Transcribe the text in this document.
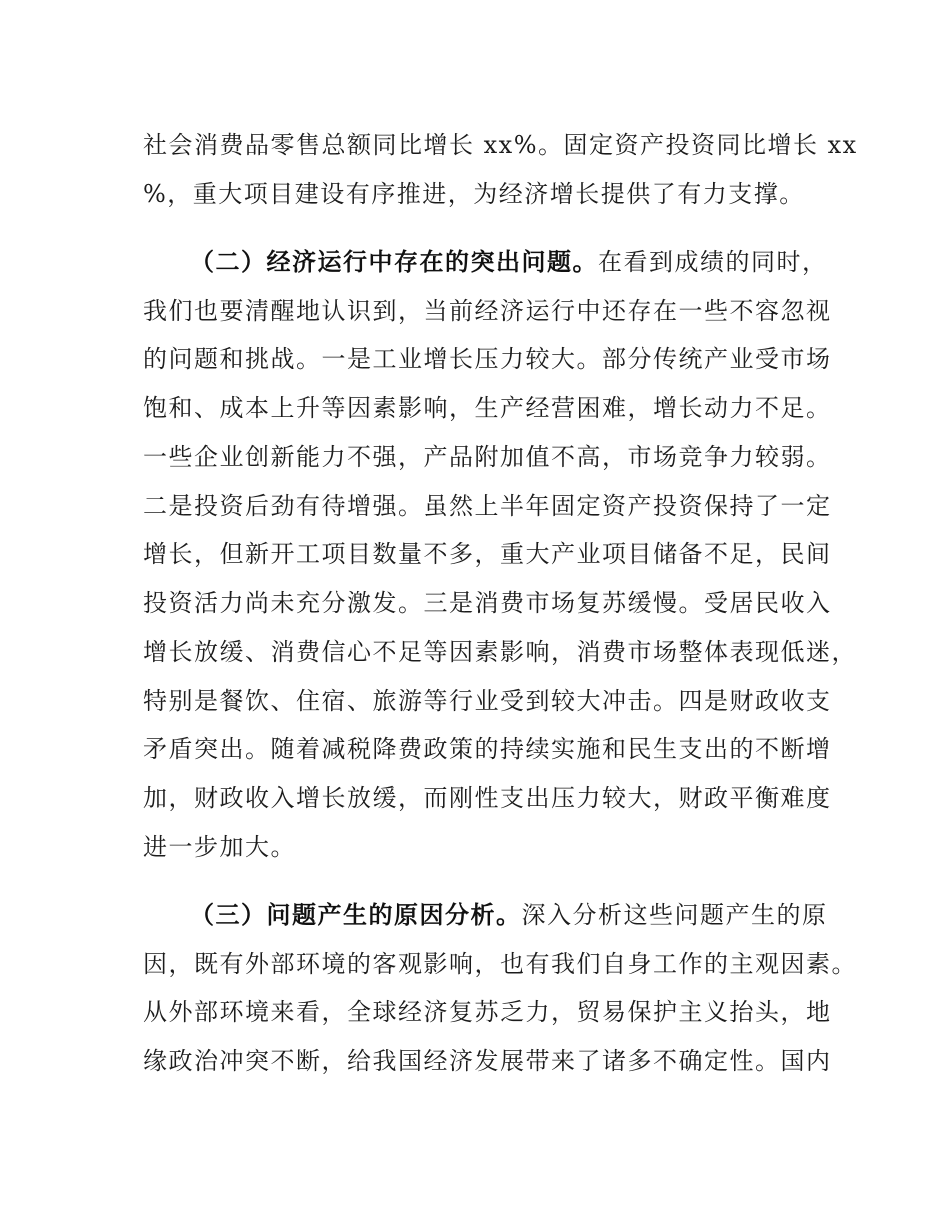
社会消费品零售总额同比增长 xx%。固定资产投资同比增长 xx
%，重大项目建设有序推进，为经济增长提供了有力支撑。
（二）经济运行中存在的突出问题。在看到成绩的同时，
我们也要清醒地认识到，当前经济运行中还存在一些不容忽视
的问题和挑战。一是工业增长压力较大。部分传统产业受市场
饱和、成本上升等因素影响，生产经营困难，增长动力不足。
一些企业创新能力不强，产品附加值不高，市场竞争力较弱。
二是投资后劲有待增强。虽然上半年固定资产投资保持了一定
增长，但新开工项目数量不多，重大产业项目储备不足，民间
投资活力尚未充分激发。三是消费市场复苏缓慢。受居民收入
增长放缓、消费信心不足等因素影响，消费市场整体表现低迷，
特别是餐饮、住宿、旅游等行业受到较大冲击。四是财政收支
矛盾突出。随着减税降费政策的持续实施和民生支出的不断增
加，财政收入增长放缓，而刚性支出压力较大，财政平衡难度
进一步加大。
（三）问题产生的原因分析。深入分析这些问题产生的原
因，既有外部环境的客观影响，也有我们自身工作的主观因素。
从外部环境来看，全球经济复苏乏力，贸易保护主义抬头，地
缘政治冲突不断，给我国经济发展带来了诸多不确定性。国内
